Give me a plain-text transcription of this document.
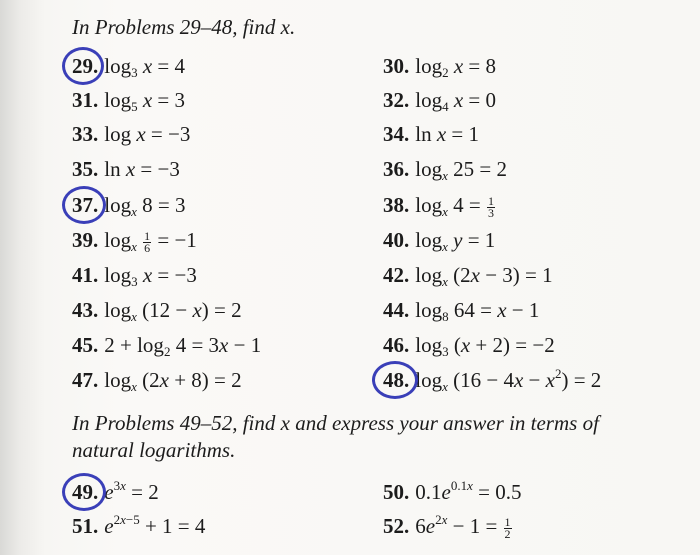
In Problems 29–48, find x.
29. $\log_3 x = 4$
31. $\log_5 x = 3$
33. log x = −3
35. ln x = −3
37. $\log_x 8 = 3$
39. $\log_x \frac{1}{6} = -1$
41. $\log_3 x = -3$
43. $\log_x (12 - x) = 2$
45. $2 + \log_2 4 = 3x - 1$
47. $\log_x (2x + 8) = 2$
30. $\log_2 x = 8$
32. $\log_4 x = 0$
34. ln x = 1
36. $\log_x 25 = 2$
38. $\log_x 4 = \frac{1}{3}$
40. $\log_x y = 1$
42. $\log_x (2x - 3) = 1$
44. $\log_8 64 = x - 1$
46. $\log_3 (x + 2) = -2$
48. $\log_x (16 - 4x - x^2) = 2$
In Problems 49–52, find x and express your answer in terms of
natural logarithms.
49. $e^{3x} = 2$	50. $0.1e^{0.1x} = 0.5$
51. $e^{2x-5} + 1 = 4$	52. $6e^{2x} - 1 = \frac{1}{2}$
